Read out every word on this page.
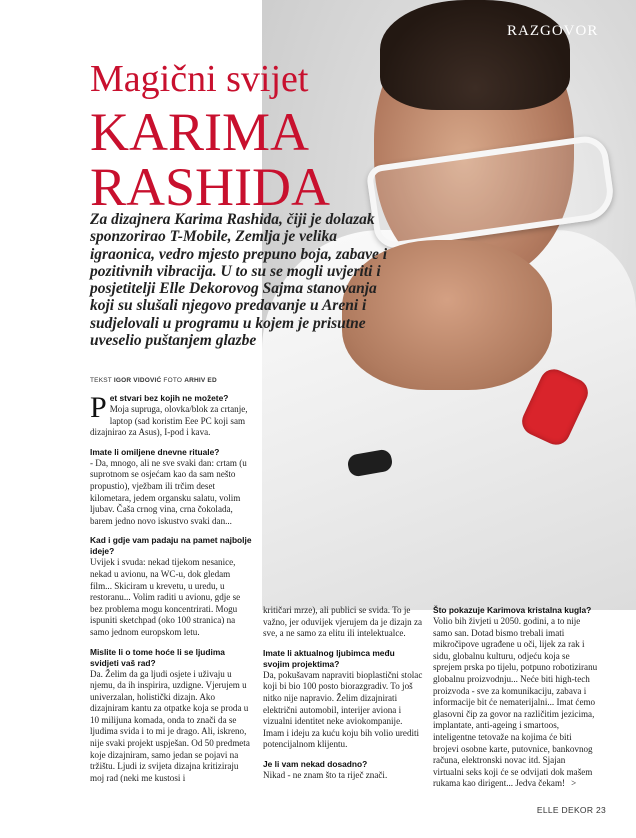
RAZGOVOR
Magični svijet
KARIMA
RASHIDA

Za dizajnera Karima Rashida, čiji je dolazak sponzorirao T-Mobile, Zemlja je velika igraonica, vedro mjesto prepuno boja, zabave i pozitivnih vibracija. U to su se mogli uvjeriti i posjetitelji Elle Dekorovog Sajma stanovanja koji su slušali njegovo predavanje u Areni i sudjelovali u programu u kojem je prisutne uveselio puštanjem glazbe

TEKST IGOR VIDOVIĆ FOTO ARHIV ED
P et stvari bez kojih ne možete?

Moja supruga, olovka/blok za crtanje, laptop (sad koristim Eee PC koji sam dizajnirao za Asus), I-pod i kava.

Imate li omiljene dnevne rituale?

- Da, mnogo, ali ne sve svaki dan: crtam (u suprotnom se osjećam kao da sam nešto propustio), vježbam ili trčim deset kilometara, jedem organsku salatu, volim ljubav. Čaša crnog vina, crna čokolada, barem jedno novo iskustvo svaki dan...

Kad i gdje vam padaju na pamet najbolje ideje?

Uvijek i svuda: nekad tijekom nesanice, nekad u avionu, na WC-u, dok gledam film... Skiciram u krevetu, u uredu, u restoranu... Volim raditi u avionu, gdje se bez problema mogu koncentrirati. Mogu ispuniti sketchpad (oko 100 stranica) na samo jednom europskom letu.

Mislite li o tome hoće li se ljudima svidjeti vaš rad?

Da. Želim da ga ljudi osjete i uživaju u njemu, da ih inspirira, uzdigne. Vjerujem u univerzalan, holistički dizajn. Ako dizajniram kantu za otpatke koja se proda u 10 milijuna komada, onda to znači da se ljudima svida i to mi je drago. Ali, iskreno, nije svaki projekt uspješan. Od 50 predmeta koje dizajniram, samo jedan se pojavi na tržištu. Ljudi iz svijeta dizajna kritiziraju moj rad (neki me kustosi i

kritičari mrze), ali publici se svida. To je važno, jer oduvijek vjerujem da je dizajn za sve, a ne samo za elitu ili intelektualce.

Imate li aktualnog ljubimca među svojim projektima?

Da, pokušavam napraviti bioplastični stolac koji bi bio 100 posto biorazgradiv. To još nitko nije napravio. Želim dizajnirati električni automobil, interijer aviona i vizualni identitet neke aviokompanije. Imam i ideju za kuću koju bih volio urediti potencijalnom klijentu.

Je li vam nekad dosadno?

Nikad - ne znam što ta riječ znači.

Što pokazuje Karimova kristalna kugla?

Volio bih živjeti u 2050. godini, a to nije samo san. Dotad bismo trebali imati mikročipove ugrađene u oči, lijek za rak i sidu, globalnu kulturu, odjeću koja se sprejem prska po tijelu, potpuno robotiziranu globalnu proizvodnju... Neće biti high-tech proizvoda - sve za komunikaciju, zabava i informacije bit će nematerijalni... Imat ćemo glasovni čip za govor na različitim jezicima, implantate, anti-ageing i smartoos, inteligentne tetovaže na kojima će biti brojevi osobne karte, putovnice, bankovnog računa, elektronski novac itd. Sjajan virtualni seks koji će se odvijati dok mašem rukama kao dirigent... Jedva čekam! >

ELLE DEKOR 23
